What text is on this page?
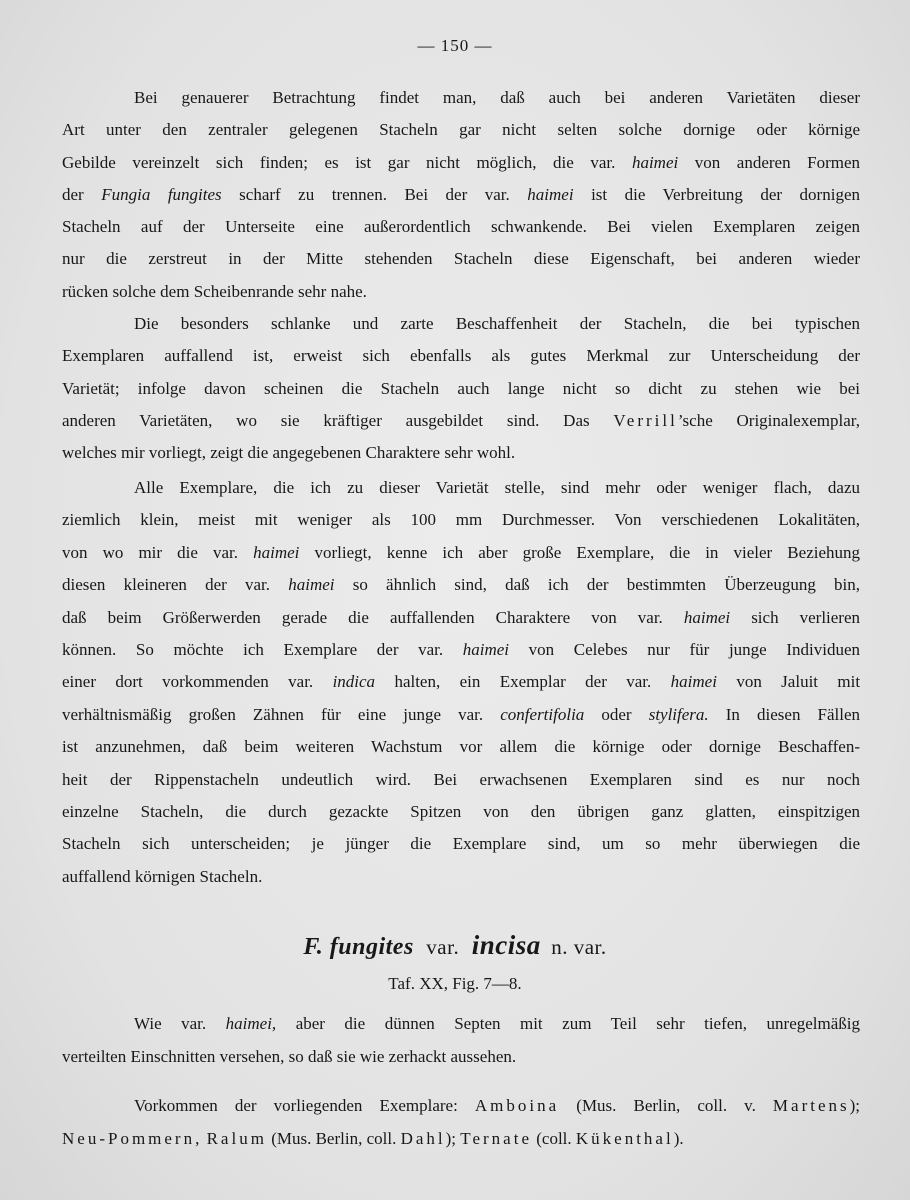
— 150 —
Bei genauerer Betrachtung findet man, daß auch bei anderen Varietäten dieser
Art unter den zentraler gelegenen Stacheln gar nicht selten solche dornige oder körnige
Gebilde vereinzelt sich finden; es ist gar nicht möglich, die var. haimei von anderen Formen
der Fungia fungites scharf zu trennen. Bei der var. haimei ist die Verbreitung der dornigen
Stacheln auf der Unterseite eine außerordentlich schwankende. Bei vielen Exemplaren zeigen
nur die zerstreut in der Mitte stehenden Stacheln diese Eigenschaft, bei anderen wieder
rücken solche dem Scheibenrande sehr nahe.
Die besonders schlanke und zarte Beschaffenheit der Stacheln, die bei typischen
Exemplaren auffallend ist, erweist sich ebenfalls als gutes Merkmal zur Unterscheidung der
Varietät; infolge davon scheinen die Stacheln auch lange nicht so dicht zu stehen wie bei
anderen Varietäten, wo sie kräftiger ausgebildet sind. Das Verrill’sche Originalexemplar,
welches mir vorliegt, zeigt die angegebenen Charaktere sehr wohl.
Alle Exemplare, die ich zu dieser Varietät stelle, sind mehr oder weniger flach, dazu
ziemlich klein, meist mit weniger als 100 mm Durchmesser. Von verschiedenen Lokalitäten,
von wo mir die var. haimei vorliegt, kenne ich aber große Exemplare, die in vieler Beziehung
diesen kleineren der var. haimei so ähnlich sind, daß ich der bestimmten Überzeugung bin,
daß beim Größerwerden gerade die auffallenden Charaktere von var. haimei sich verlieren
können. So möchte ich Exemplare der var. haimei von Celebes nur für junge Individuen
einer dort vorkommenden var. indica halten, ein Exemplar der var. haimei von Jaluit mit
verhältnismäßig großen Zähnen für eine junge var. confertifolia oder stylifera. In diesen Fällen
ist anzunehmen, daß beim weiteren Wachstum vor allem die körnige oder dornige Beschaffen-
heit der Rippenstacheln undeutlich wird. Bei erwachsenen Exemplaren sind es nur noch
einzelne Stacheln, die durch gezackte Spitzen von den übrigen ganz glatten, einspitzigen
Stacheln sich unterscheiden; je jünger die Exemplare sind, um so mehr überwiegen die
auffallend körnigen Stacheln.
F. fungites var. incisa n. var.
Taf. XX, Fig. 7—8.
Wie var. haimei, aber die dünnen Septen mit zum Teil sehr tiefen, unregelmäßig
verteilten Einschnitten versehen, so daß sie wie zerhackt aussehen.
Vorkommen der vorliegenden Exemplare: Amboina (Mus. Berlin, coll. v. Martens);
Neu-Pommern, Ralum (Mus. Berlin, coll. Dahl); Ternate (coll. Kükenthal).
